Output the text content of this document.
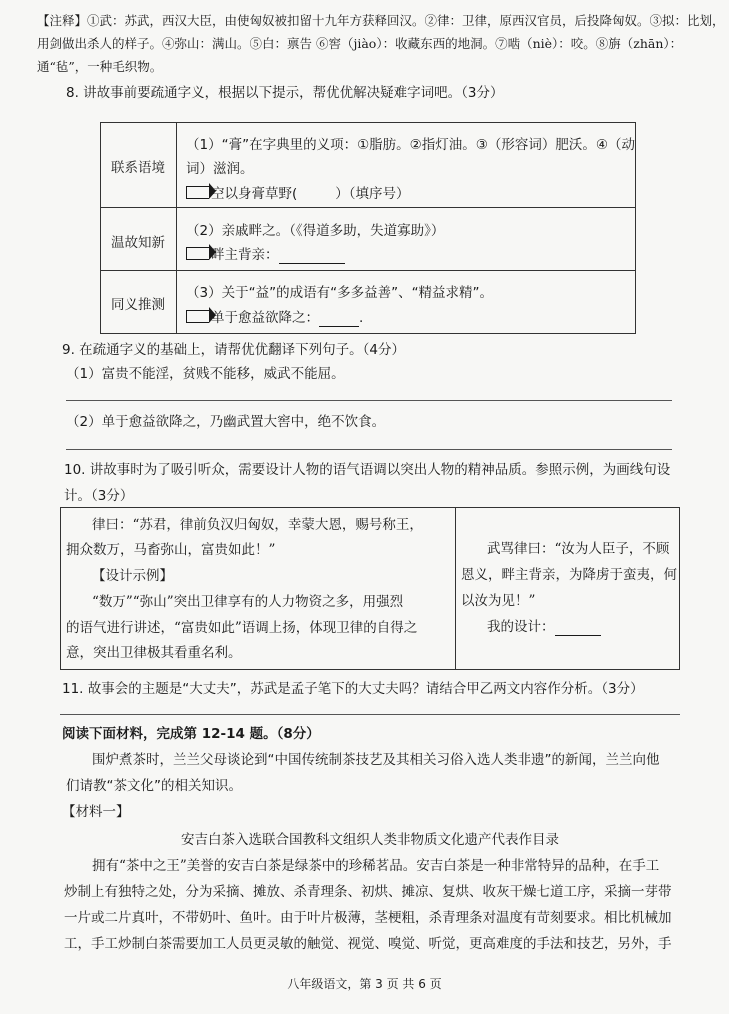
【注释】①武：苏武，西汉大臣，由使匈奴被扣留十九年方获释回汉。②律：卫律，原西汉官员，后投降匈奴。③拟：比划，
用剑做出杀人的样子。④弥山：满山。⑤白：禀告 ⑥窖（jiào）：收藏东西的地洞。⑦啮（niè）：咬。⑧旃（zhān）：
通“毡”，一种毛织物。
8. 讲故事前要疏通字义，根据以下提示，帮优优解决疑难字词吧。（3分）
联系语境
温故知新
同义推测
（1）“膏”在字典里的义项：①脂肪。②指灯油。③（形容词）肥沃。④（动
词）滋润。
空以身膏草野(	）（填序号）
（2）亲戚畔之。（《得道多助，失道寡助》）
畔主背亲：
（3）关于“益”的成语有“多多益善”、“精益求精”。
单于愈益欲降之：	.
9. 在疏通字义的基础上，请帮优优翻译下列句子。（4分）
（1）富贵不能淫，贫贱不能移，威武不能屈。
（2）单于愈益欲降之，乃幽武置大窖中，绝不饮食。
10. 讲故事时为了吸引听众，需要设计人物的语气语调以突出人物的精神品质。参照示例，为画线句设
计。（3分）
律曰：“苏君，律前负汉归匈奴，幸蒙大恩，赐号称王，
拥众数万，马畜弥山，富贵如此！”
【设计示例】
“数万”“弥山”突出卫律享有的人力物资之多，用强烈
的语气进行讲述，“富贵如此”语调上扬，体现卫律的自得之
意，突出卫律极其看重名利。
武骂律曰：“汝为人臣子，不顾
恩义，畔主背亲，为降虏于蛮夷，何
以汝为见！”
我的设计：
11. 故事会的主题是“大丈夫”，苏武是孟子笔下的大丈夫吗？请结合甲乙两文内容作分析。（3分）
阅读下面材料，完成第 12-14 题。（8分）
围炉煮茶时，兰兰父母谈论到“中国传统制茶技艺及其相关习俗入选人类非遗”的新闻，兰兰向他
们请教“茶文化”的相关知识。
【材料一】
安吉白茶入选联合国教科文组织人类非物质文化遗产代表作目录
拥有“茶中之王”美誉的安吉白茶是绿茶中的珍稀茗品。安吉白茶是一种非常特异的品种，在手工
炒制上有独特之处，分为采摘、摊放、杀青理条、初烘、摊凉、复烘、收灰干燥七道工序，采摘一芽带
一片或二片真叶，不带奶叶、鱼叶。由于叶片极薄，茎梗粗，杀青理条对温度有苛刻要求。相比机械加
工，手工炒制白茶需要加工人员更灵敏的触觉、视觉、嗅觉、听觉，更高难度的手法和技艺，另外，手
八年级语文，第 3 页 共 6 页
